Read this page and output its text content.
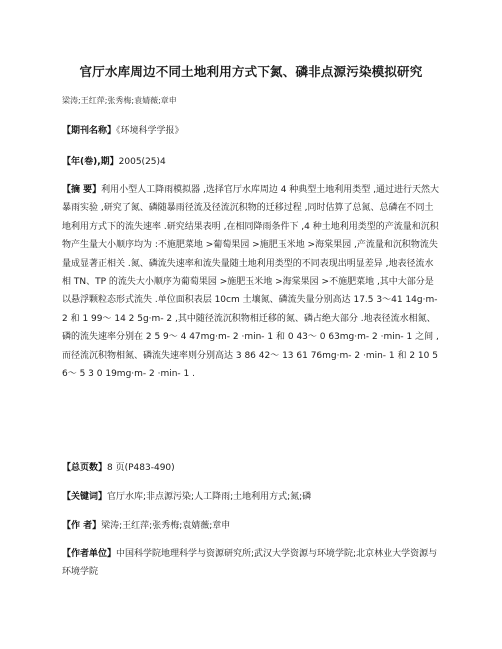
官厅水库周边不同土地利用方式下氮、磷非点源污染模拟研究
梁涛;王红萍;张秀梅;袁婧薇;章申
【期刊名称】《环境科学学报》
【年(卷),期】2005(25)4
【摘 要】利用小型人工降雨模拟器 ,选择官厅水库周边 4 种典型土地利用类型 ,通过进行天然大暴雨实验 ,研究了氮、磷随暴雨径流及径流沉积物的迁移过程 ,同时估算了总氮、总磷在不同土地利用方式下的流失速率 .研究结果表明 ,在相同降雨条件下 ,4 种土地利用类型的产流量和沉积物产生量大小顺序均为 :不施肥菜地 >葡萄果园 >施肥玉米地 >海棠果园 ,产流量和沉积物流失量成显著正相关 .氮、磷流失速率和流失量随土地利用类型的不同表现出明显差异 ,地表径流水相 TN、TP 的流失大小顺序为葡萄果园 >施肥玉米地 >海棠果园 >不施肥菜地 ,其中大部分是以悬浮颗粒态形式流失 .单位面积表层 10cm 土壤氮、磷流失量分别高达 17.5 3～41 14g·m- 2 和 1 99～ 14 2 5g·m- 2 ,其中随径流沉积物相迁移的氮、磷占绝大部分 .地表径流水相氮、磷的流失速率分别在 2 5 9～ 4 47mg·m- 2 ·min- 1 和 0 43～ 0 63mg·m- 2 ·min- 1 之间 ,而径流沉积物相氮、磷流失速率则分别高达 3 86 42～ 13 61 76mg·m- 2 ·min- 1 和 2 10 5 6～ 5 3 0 19mg·m- 2 ·min- 1 .
【总页数】8 页(P483-490)
【关键词】官厅水库;非点源污染;人工降雨;土地利用方式;氮;磷
【作 者】梁涛;王红萍;张秀梅;袁婧薇;章申
【作者单位】中国科学院地理科学与资源研究所;武汉大学资源与环境学院;北京林业大学资源与环境学院
